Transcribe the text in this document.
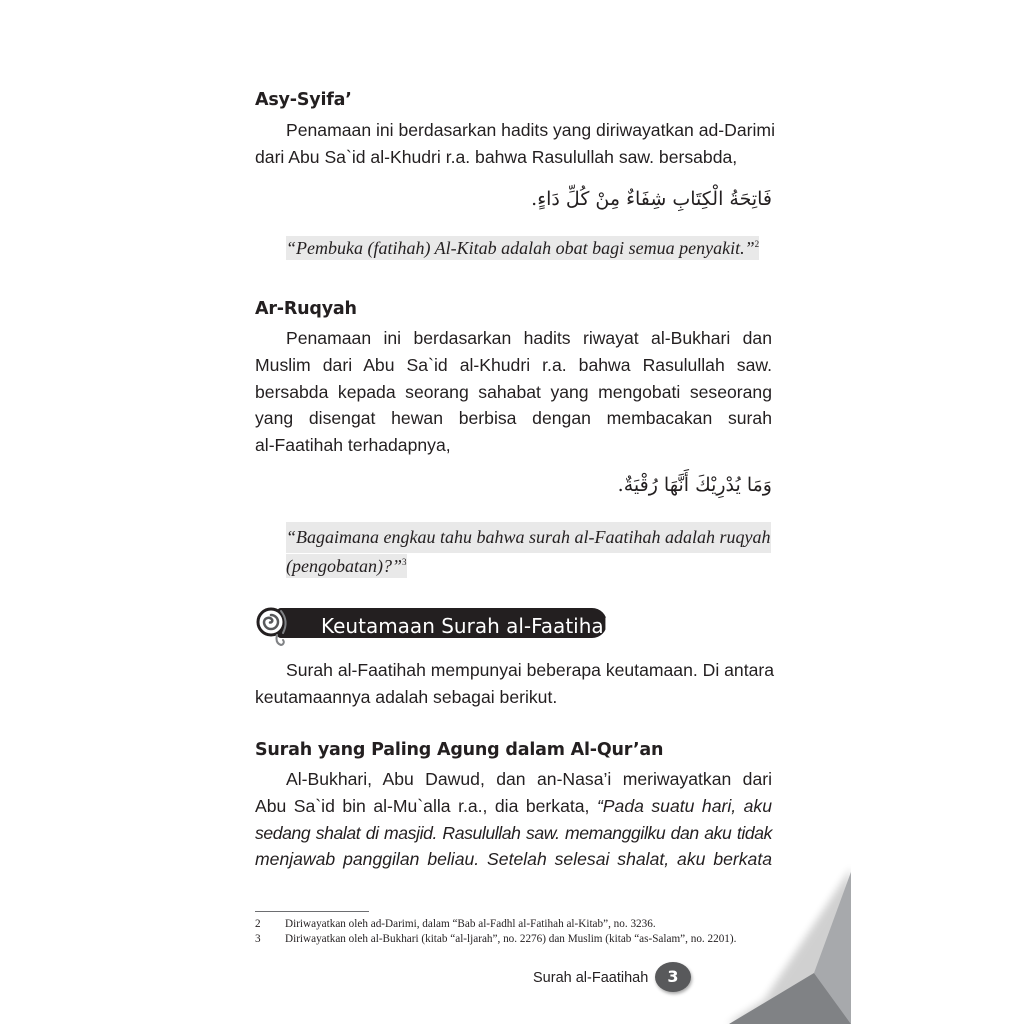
Asy-Syifa’
Penamaan ini berdasarkan hadits yang diriwayatkan ad-Darimi
dari Abu Sa`id al-Khudri r.a. bahwa Rasulullah saw. bersabda,
فَاتِحَةُ الْكِتَابِ شِفَاءٌ مِنْ كُلِّ دَاءٍ.
“Pembuka (fatihah) Al-Kitab adalah obat bagi semua penyakit.”$^2$
Ar-Ruqyah
Penamaan ini berdasarkan hadits riwayat al-Bukhari dan
Muslim dari Abu Sa`id al-Khudri r.a. bahwa Rasulullah saw.
bersabda kepada seorang sahabat yang mengobati seseorang
yang disengat hewan berbisa dengan membacakan surah
al-Faatihah terhadapnya,
وَمَا يُدْرِيْكَ أَنَّهَا رُقْيَةٌ.
“Bagaimana engkau tahu bahwa surah al-Faatihah adalah ruqyah
(pengobatan)?”$^3$
Keutamaan Surah al-Faatihah
Surah al-Faatihah mempunyai beberapa keutamaan. Di antara
keutamaannya adalah sebagai berikut.
Surah yang Paling Agung dalam Al-Qur’an
Al-Bukhari, Abu Dawud, dan an-Nasa’i meriwayatkan dari
Abu Sa`id bin al-Mu`alla r.a., dia berkata, “Pada suatu hari, aku
sedang shalat di masjid. Rasulullah saw. memanggilku dan aku tidak
menjawab panggilan beliau. Setelah selesai shalat, aku berkata
2 Diriwayatkan oleh ad-Darimi, dalam “Bab al-Fadhl al-Fatihah al-Kitab”, no. 3236.
3 Diriwayatkan oleh al-Bukhari (kitab “al-ljarah”, no. 2276) dan Muslim (kitab “as-Salam”, no. 2201).
Surah al-Faatihah	3
